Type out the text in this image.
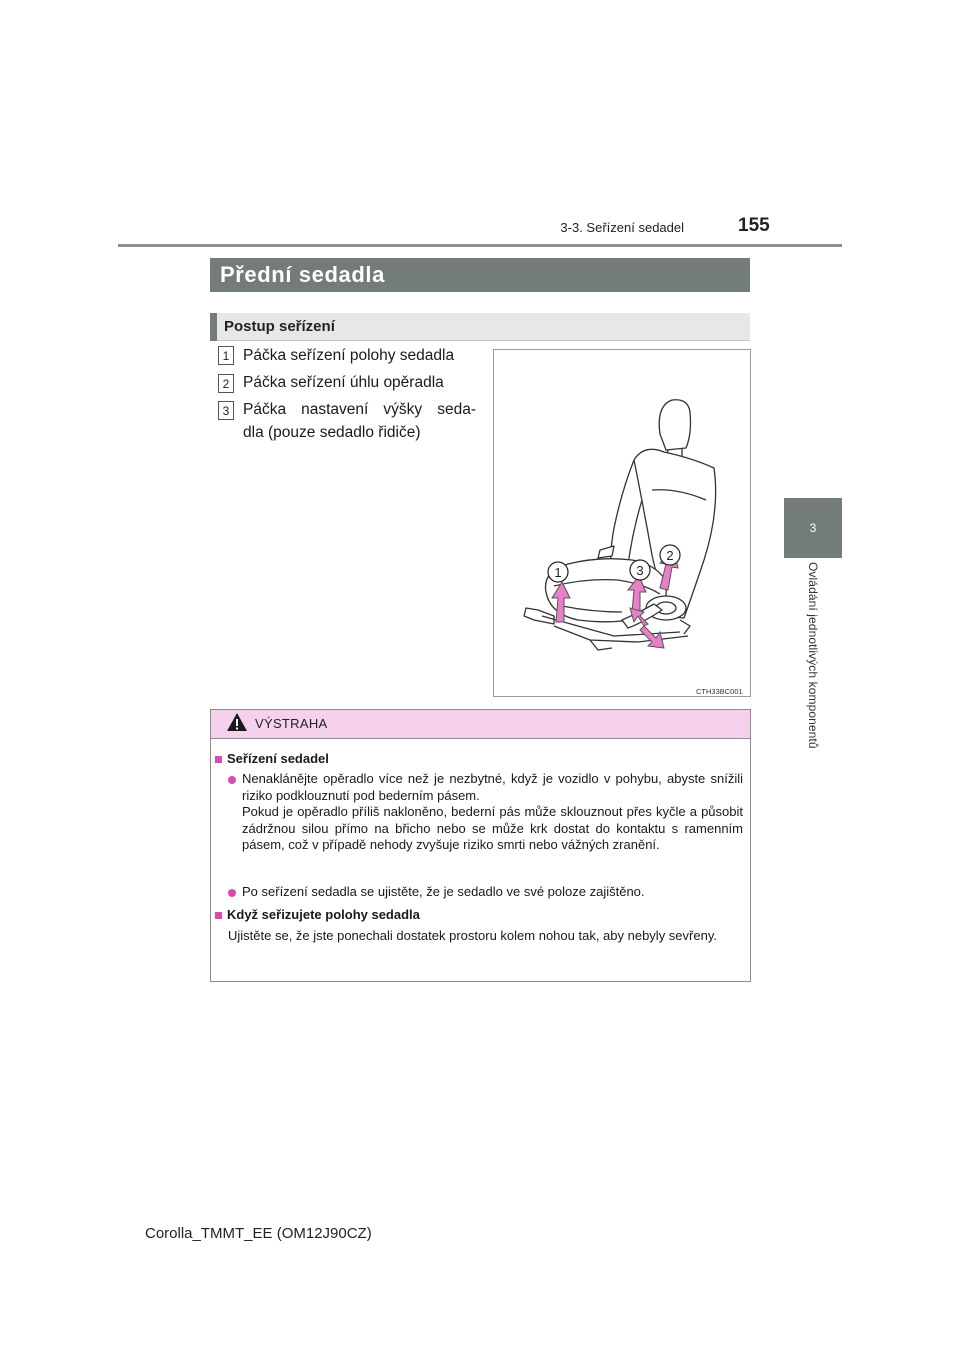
3-3. Seřízení sedadel	155
3
Ovládání jednotlivých komponentů
Přední sedadla
Postup seřízení
1 Páčka seřízení polohy sedadla
2 Páčka seřízení úhlu opěradla
3 Páčka nastavení výšky seda-
dla (pouze sedadlo řidiče)
1	3
2
CTH33BC001
VÝSTRAHA
Seřízení sedadel
Nenaklánějte opěradlo více než je nezbytné, když je vozidlo v pohybu, abyste snížili riziko podklouznutí pod bederním pásem.
Pokud je opěradlo příliš nakloněno, bederní pás může sklouznout přes kyčle a působit zádržnou silou přímo na břicho nebo se může krk dostat do kontaktu s ramenním pásem, což v případě nehody zvyšuje riziko smrti nebo vážných zranění.
Po seřízení sedadla se ujistěte, že je sedadlo ve své poloze zajištěno.
Když seřizujete polohy sedadla
Ujistěte se, že jste ponechali dostatek prostoru kolem nohou tak, aby nebyly sevřeny.
Corolla_TMMT_EE (OM12J90CZ)
